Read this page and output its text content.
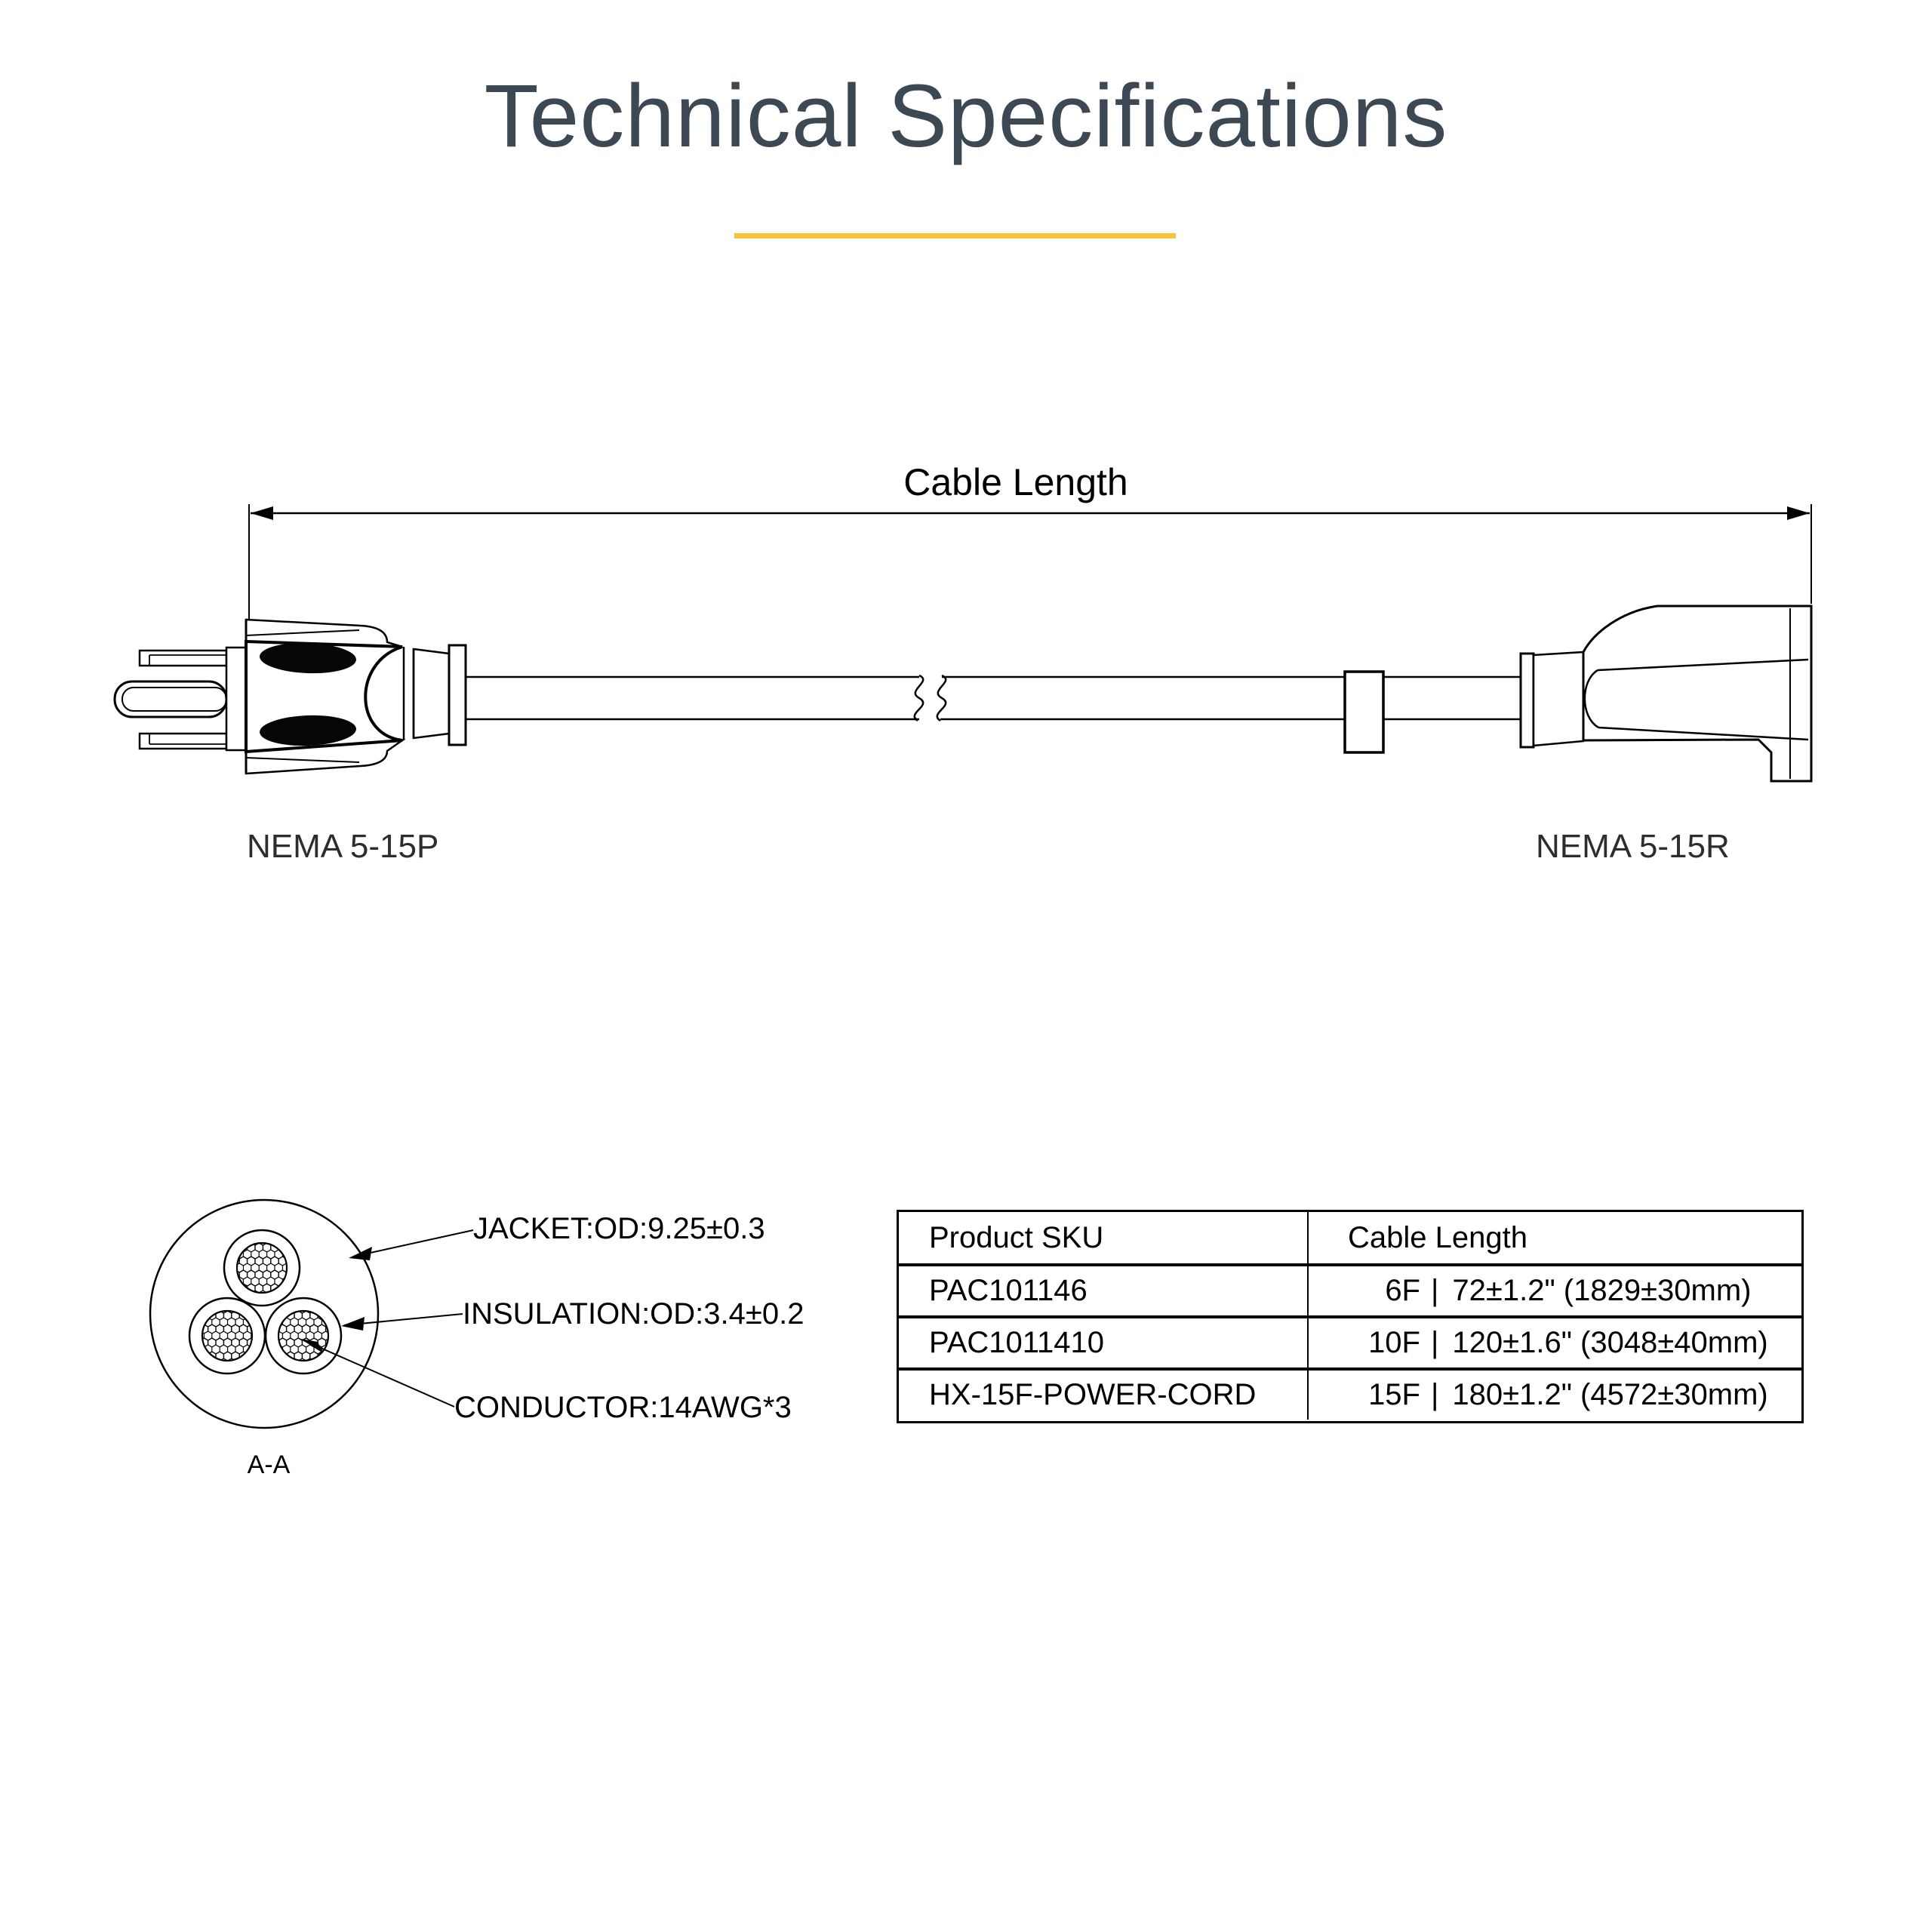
Technical Specifications
Cable Length
NEMA 5-15P	NEMA 5-15R
JACKET:OD:9.25±0.3
INSULATION:OD:3.4±0.2
CONDUCTOR:14AWG*3
A-A
Product SKU	Cable Length
PAC101146	6F | 72±1.2" (1829±30mm)
PAC1011410	10F | 120±1.6" (3048±40mm)
HX-15F-POWER-CORD	15F | 180±1.2" (4572±30mm)
